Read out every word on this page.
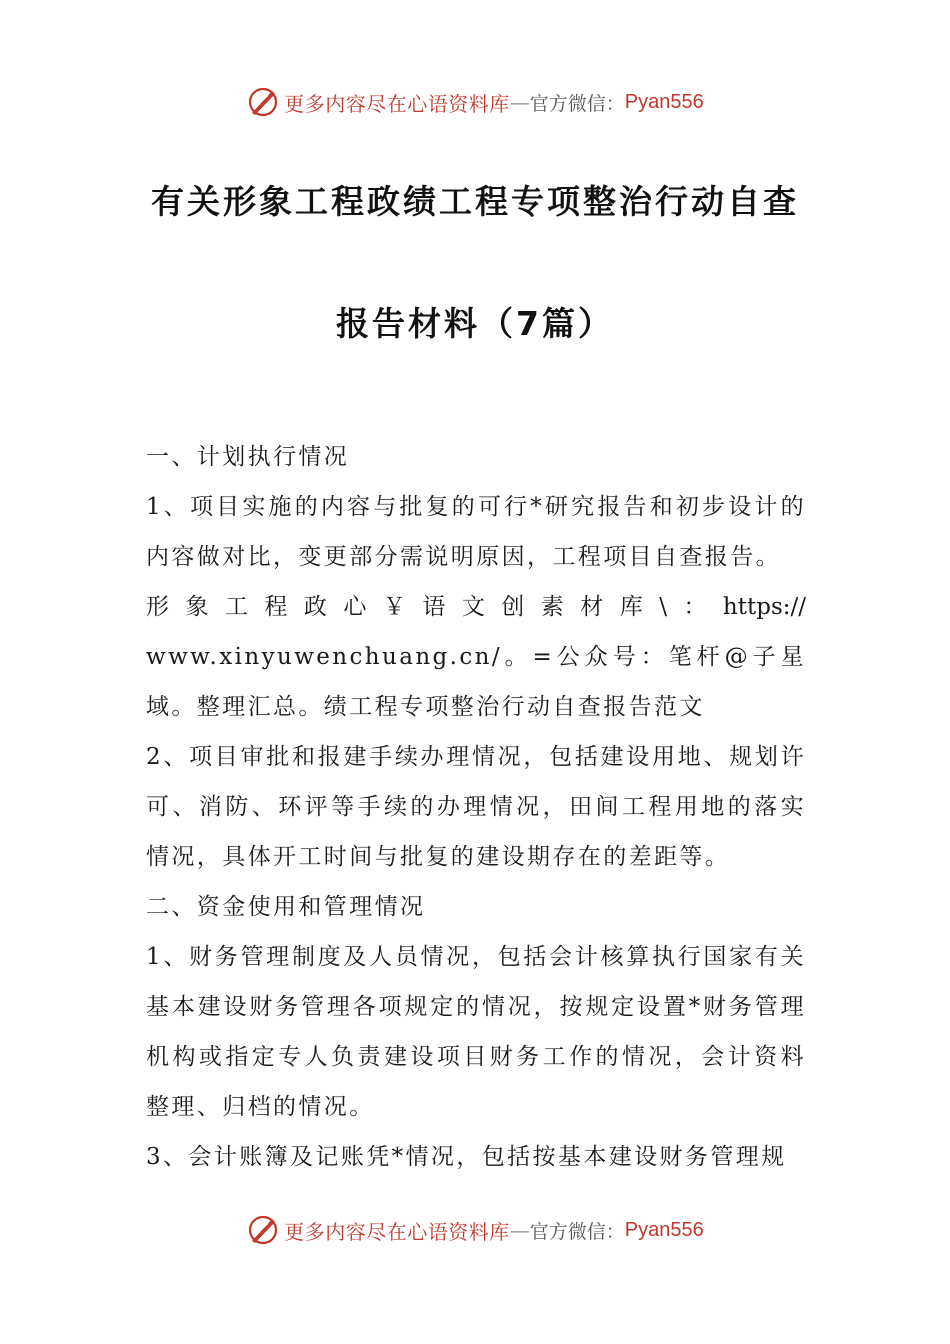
更多内容尽在心语资料库 — 官方微信： Pyan556
有关形象工程政绩工程专项整治行动自查
报告材料（7篇）

一、计划执行情况

1、项目实施的内容与批复的可行*研究报告和初步设计的内容做对比，变更部分需说明原因，工程项目自查报告。

形象工程政心￥语文创素材库\：https://

www.xinyuwenchuang.cn/。=公众号：笔杆@子星域。整理汇总。绩工程专项整治行动自查报告范文

2、项目审批和报建手续办理情况，包括建设用地、规划许可、消防、环评等手续的办理情况，田间工程用地的落实情况，具体开工时间与批复的建设期存在的差距等。

二、资金使用和管理情况

1、财务管理制度及人员情况，包括会计核算执行国家有关基本建设财务管理各项规定的情况，按规定设置*财务管理机构或指定专人负责建设项目财务工作的情况，会计资料整理、归档的情况。

3、会计账簿及记账凭*情况，包括按基本建设财务管理规

更多内容尽在心语资料库 — 官方微信： Pyan556
